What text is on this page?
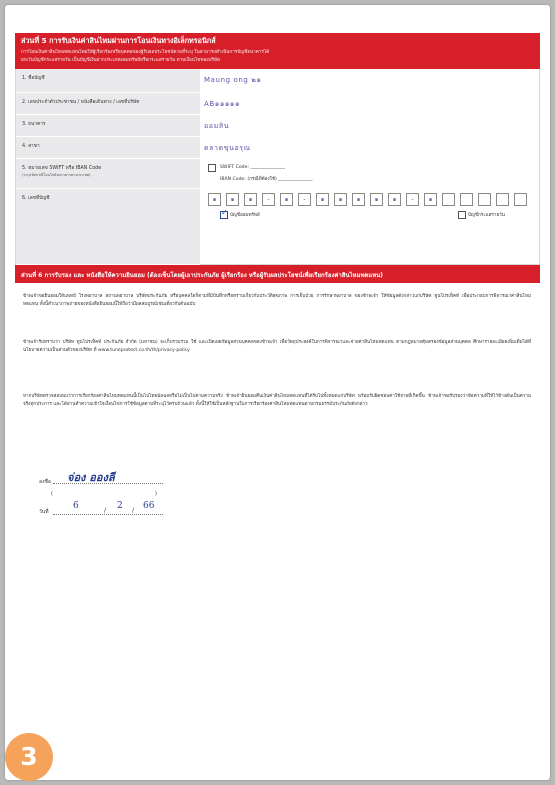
ส่วนที่ 5 การรับเงินค่าสินไหมผ่านการโอนเงินทางอิเล็กทรอนิกส์
การโอนเงินค่าสินไหมทดแทนโดยให้ผู้เรียกร้องหรือบุคคลของผู้รับผลประโยชน์ตามที่ระบุ ในสามารถดำเนินการบัญชีธนาคารได้
ยกเว้นบัญชีกระแสรายวัน เป็นบัญชีเงินฝากประเภทออมทรัพย์หรือกระแสรายวัน ตามเงื่อนไขของบริษัท
1. ชื่อบัญชี	Maung ong ๒๑
2. เลขประจำตัวประชาชน / หนังสือเดินทาง / เลขที่บริษัท	AB๑๑๑๑๑
3. ธนาคาร	ออมสิน
4. สาขา	ตลาดขุนอรุณ
5. หมายเลข SWIFT หรือ IBAN Code
(ระบุรหัสกรณีโอนไปยังธนาคารต่างประเทศ)
SWIFT Code: _______________
IBAN Code: (กรณีที่ต้องใช้) _______________
6. เลขที่บัญชี	๑	๑	๑	-	๑	-	๑	๑	๑	๑	๑	-	๑
✓
บัญชีออมทรัพย์	บัญชีกระแสรายวัน
ส่วนที่ 6 การรับรอง และ หนังสือให้ความยินยอม (ต้องเซ็นโดยผู้เอาประกันภัย ผู้เรียกร้อง หรือผู้รับผลประโยชน์เพื่อเรียกร้องค่าสินไหมทดแทน)

ข้าพเจ้าขอยินยอมให้แพทย์ โรงพยาบาล สถานพยาบาล บริษัทประกันภัย หรือบุคคลใดก็ตามที่มีบันทึกหรือทราบเกี่ยวกับประวัติสุขภาพ การเจ็บป่วย การรักษาพยาบาล ของข้าพเจ้า ให้ข้อมูลดังกล่าวแก่บริษัท ทูนโปรเท็คท์ เพื่อประกอบการพิจารณาค่าสินไหมทดแทน ทั้งนี้สำเนาภาพถ่ายของหนังสือยินยอมนี้ให้ถือว่ามีผลสมบูรณ์เช่นเดียวกับต้นฉบับ

ข้าพเจ้ารับทราบว่า บริษัท ทูนโปรเท็คท์ ประกันภัย จำกัด (มหาชน) จะเก็บรวบรวม ใช้ และเปิดเผยข้อมูลส่วนบุคคลของข้าพเจ้า เพื่อวัตถุประสงค์ในการพิจารณาและจ่ายค่าสินไหมทดแทน ตามกฎหมายคุ้มครองข้อมูลส่วนบุคคล ศึกษารายละเอียดเพิ่มเติมได้ที่นโยบายความเป็นส่วนตัวของบริษัท ที่ www.tuneprotect.co.th/th/privacy-policy

หากบริษัทตรวจสอบพบว่าการเรียกร้องค่าสินไหมทดแทนนี้เป็นไปโดยฉ้อฉลหรือไม่เป็นไปตามความจริง ข้าพเจ้ายินยอมคืนเงินค่าสินไหมทดแทนที่ได้รับไปทั้งหมดแก่บริษัท พร้อมรับผิดชอบค่าใช้จ่ายที่เกิดขึ้น ข้าพเจ้าขอรับรองว่าข้อความที่ให้ไว้ข้างต้นเป็นความจริงทุกประการ และได้อ่านทำความเข้าใจเงื่อนไขการใช้ข้อมูลตามที่ระบุไว้ครบถ้วนแล้ว ทั้งนี้ให้ใช้เป็นหลักฐานในการเรียกร้องค่าสินไหมทดแทนตามกรมธรรม์ประกันภัยดังกล่าว

ลงชื่อ จ่อง อองลี
(	)
วันที่
6	/ 2 / 66
3
